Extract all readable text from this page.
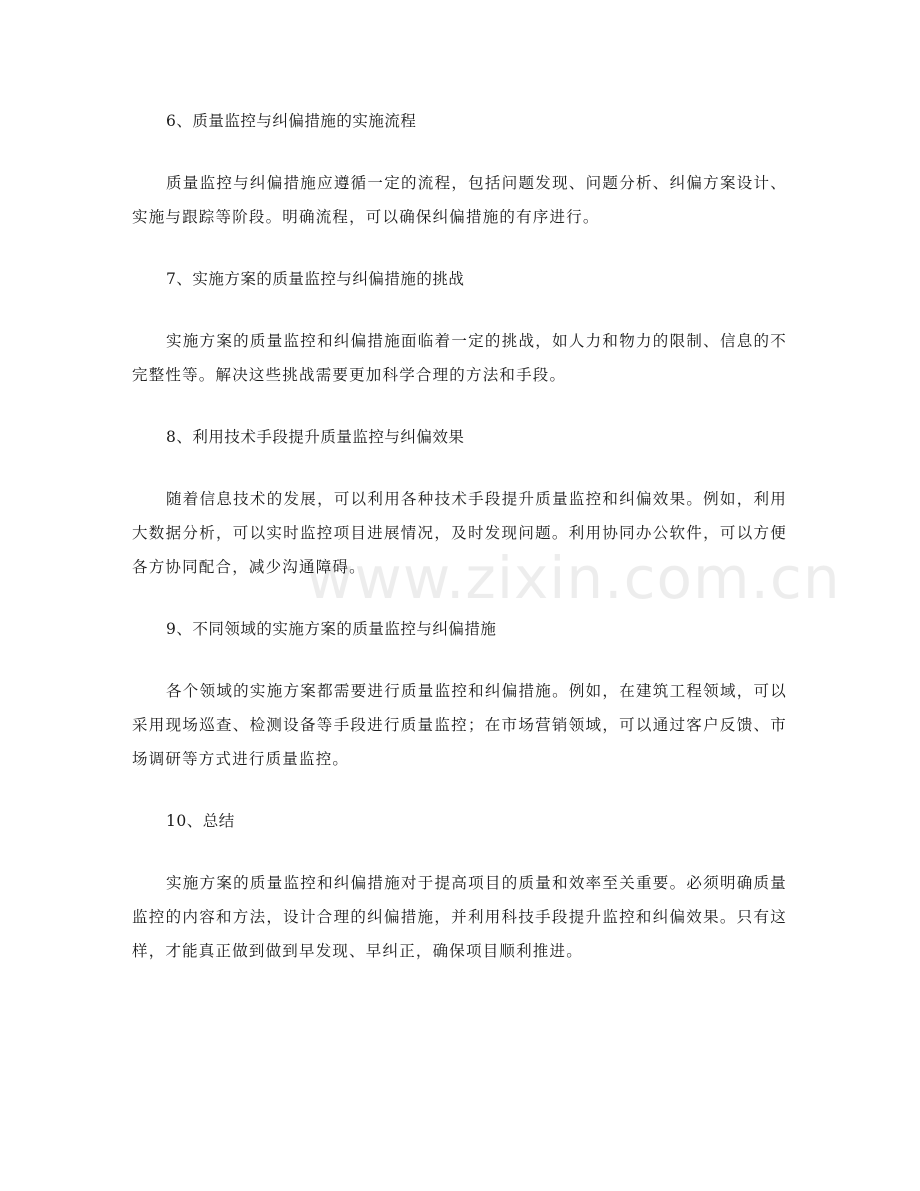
6、质量监控与纠偏措施的实施流程
质量监控与纠偏措施应遵循一定的流程，包括问题发现、问题分析、纠偏方案设计、实施与跟踪等阶段。明确流程，可以确保纠偏措施的有序进行。
7、实施方案的质量监控与纠偏措施的挑战
实施方案的质量监控和纠偏措施面临着一定的挑战，如人力和物力的限制、信息的不完整性等。解决这些挑战需要更加科学合理的方法和手段。
8、利用技术手段提升质量监控与纠偏效果
随着信息技术的发展，可以利用各种技术手段提升质量监控和纠偏效果。例如，利用大数据分析，可以实时监控项目进展情况，及时发现问题。利用协同办公软件，可以方便各方协同配合，减少沟通障碍。
9、不同领域的实施方案的质量监控与纠偏措施
各个领域的实施方案都需要进行质量监控和纠偏措施。例如，在建筑工程领域，可以采用现场巡查、检测设备等手段进行质量监控；在市场营销领域，可以通过客户反馈、市场调研等方式进行质量监控。
10、总结
实施方案的质量监控和纠偏措施对于提高项目的质量和效率至关重要。必须明确质量监控的内容和方法，设计合理的纠偏措施，并利用科技手段提升监控和纠偏效果。只有这样，才能真正做到做到早发现、早纠正，确保项目顺利推进。
www.zixin.com.cn
